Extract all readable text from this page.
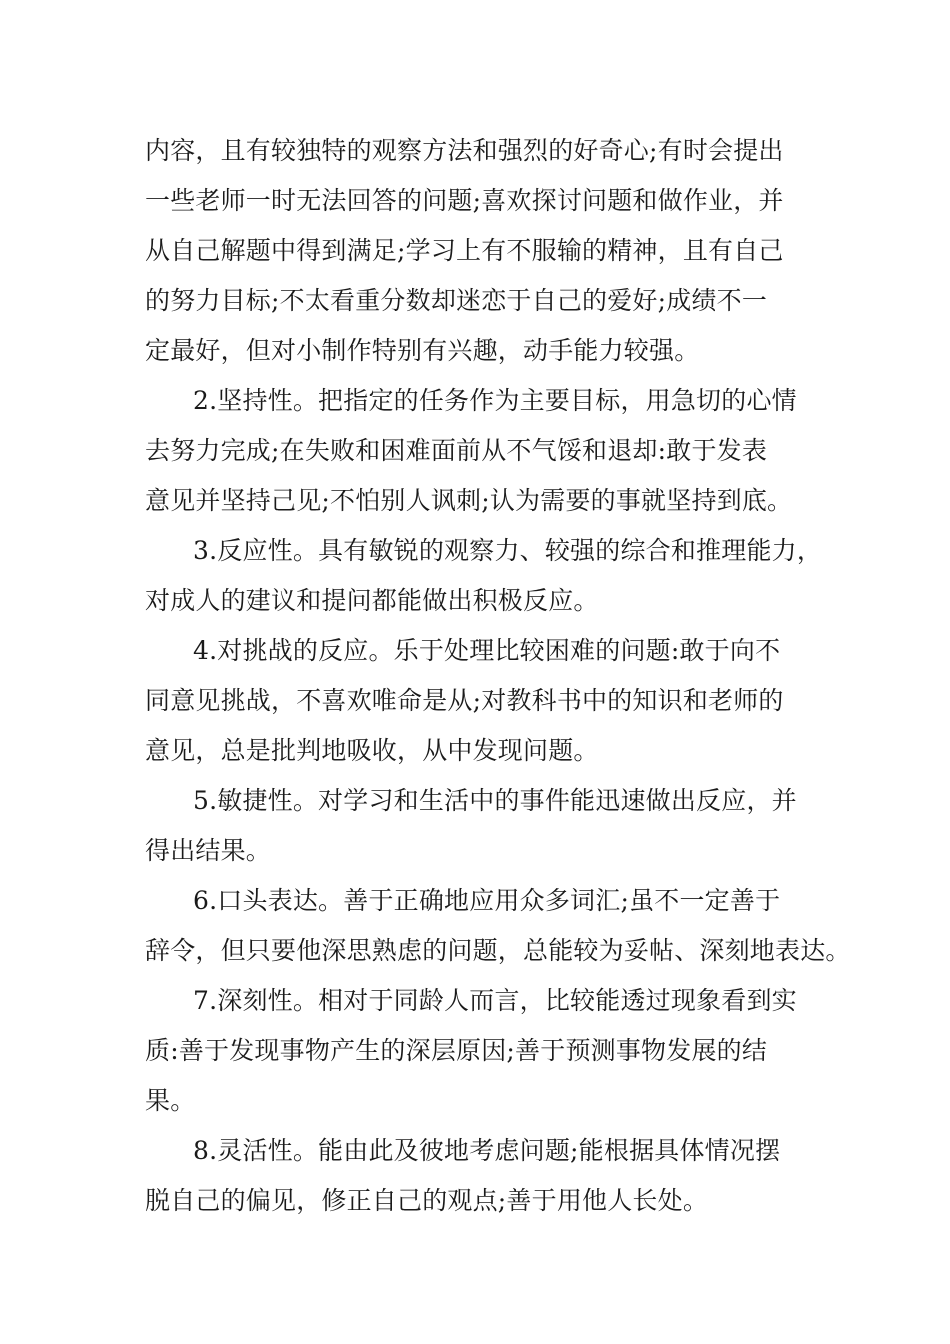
内容，且有较独特的观察方法和强烈的好奇心;有时会提出
一些老师一时无法回答的问题;喜欢探讨问题和做作业，并
从自己解题中得到满足;学习上有不服输的精神，且有自己
的努力目标;不太看重分数却迷恋于自己的爱好;成绩不一
定最好，但对小制作特别有兴趣，动手能力较强。
2.坚持性。把指定的任务作为主要目标，用急切的心情
去努力完成;在失败和困难面前从不气馁和退却:敢于发表
意见并坚持己见;不怕别人讽刺;认为需要的事就坚持到底。
3.反应性。具有敏锐的观察力、较强的综合和推理能力，
对成人的建议和提问都能做出积极反应。
4.对挑战的反应。乐于处理比较困难的问题:敢于向不
同意见挑战，不喜欢唯命是从;对教科书中的知识和老师的
意见，总是批判地吸收，从中发现问题。
5.敏捷性。对学习和生活中的事件能迅速做出反应，并
得出结果。
6.口头表达。善于正确地应用众多词汇;虽不一定善于
辞令，但只要他深思熟虑的问题，总能较为妥帖、深刻地表达。
7.深刻性。相对于同龄人而言，比较能透过现象看到实
质:善于发现事物产生的深层原因;善于预测事物发展的结
果。
8.灵活性。能由此及彼地考虑问题;能根据具体情况摆
脱自己的偏见，修正自己的观点;善于用他人长处。
